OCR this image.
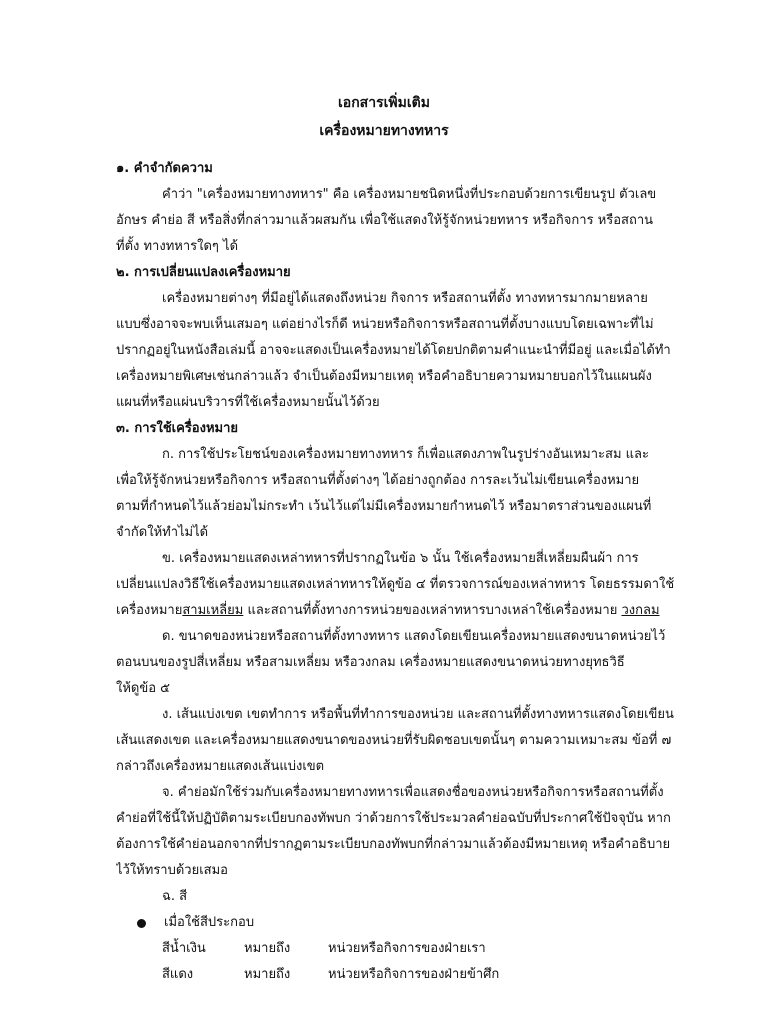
เอกสารเพิ่มเติม
เครื่องหมายทางทหาร
๑. คำจำกัดความ
คำว่า "เครื่องหมายทางทหาร" คือ เครื่องหมายชนิดหนึ่งที่ประกอบด้วยการเขียนรูป ตัวเลข
อักษร คำย่อ สี หรือสิ่งที่กล่าวมาแล้วผสมกัน เพื่อใช้แสดงให้รู้จักหน่วยทหาร หรือกิจการ หรือสถาน
ที่ตั้ง ทางทหารใดๆ ได้
๒. การเปลี่ยนแปลงเครื่องหมาย
เครื่องหมายต่างๆ ที่มีอยู่ได้แสดงถึงหน่วย กิจการ หรือสถานที่ตั้ง ทางทหารมากมายหลาย
แบบซึ่งอาจจะพบเห็นเสมอๆ แต่อย่างไรก็ดี หน่วยหรือกิจการหรือสถานที่ตั้งบางแบบโดยเฉพาะที่ไม่
ปรากฏอยู่ในหนังสือเล่มนี้ อาจจะแสดงเป็นเครื่องหมายได้โดยปกติตามคำแนะนำที่มีอยู่ และเมื่อได้ทำ
เครื่องหมายพิเศษเช่นกล่าวแล้ว จำเป็นต้องมีหมายเหตุ หรือคำอธิบายความหมายบอกไว้ในแผนผัง
แผนที่หรือแผ่นบริวารที่ใช้เครื่องหมายนั้นไว้ด้วย
๓. การใช้เครื่องหมาย
ก. การใช้ประโยชน์ของเครื่องหมายทางทหาร ก็เพื่อแสดงภาพในรูปร่างอันเหมาะสม และ
เพื่อให้รู้จักหน่วยหรือกิจการ หรือสถานที่ตั้งต่างๆ ได้อย่างถูกต้อง การละเว้นไม่เขียนเครื่องหมาย
ตามที่กำหนดไว้แล้วย่อมไม่กระทำ เว้นไว้แต่ไม่มีเครื่องหมายกำหนดไว้ หรือมาตราส่วนของแผนที่
จำกัดให้ทำไม่ได้
ข. เครื่องหมายแสดงเหล่าทหารที่ปรากฏในข้อ ๖ นั้น ใช้เครื่องหมายสี่เหลี่ยมผืนผ้า การ
เปลี่ยนแปลงวิธีใช้เครื่องหมายแสดงเหล่าทหารให้ดูข้อ ๔ ที่ตรวจการณ์ของเหล่าทหาร โดยธรรมดาใช้
เครื่องหมายสามเหลี่ยม และสถานที่ตั้งทางการหน่วยของเหล่าทหารบางเหล่าใช้เครื่องหมาย วงกลม
ด. ขนาดของหน่วยหรือสถานที่ตั้งทางทหาร แสดงโดยเขียนเครื่องหมายแสดงขนาดหน่วยไว้
ตอนบนของรูปสี่เหลี่ยม หรือสามเหลี่ยม หรือวงกลม เครื่องหมายแสดงขนาดหน่วยทางยุทธวิธี
ให้ดูข้อ ๕
ง. เส้นแบ่งเขต เขตทำการ หรือพื้นที่ทำการของหน่วย และสถานที่ตั้งทางทหารแสดงโดยเขียน
เส้นแสดงเขต และเครื่องหมายแสดงขนาดของหน่วยที่รับผิดชอบเขตนั้นๆ ตามความเหมาะสม ข้อที่ ๗
กล่าวถึงเครื่องหมายแสดงเส้นแบ่งเขต
จ. คำย่อมักใช้ร่วมกับเครื่องหมายทางทหารเพื่อแสดงชื่อของหน่วยหรือกิจการหรือสถานที่ตั้ง
คำย่อที่ใช้นี้ให้ปฏิบัติตามระเบียบกองทัพบก ว่าด้วยการใช้ประมวลคำย่อฉบับที่ประกาศใช้ปัจจุบัน หาก
ต้องการใช้คำย่อนอกจากที่ปรากฏตามระเบียบกองทัพบกที่กล่าวมาแล้วต้องมีหมายเหตุ หรือคำอธิบาย
ไว้ให้ทราบด้วยเสมอ
ฉ. สี
เมื่อใช้สีประกอบ
สีน้ำเงิน	หมายถึง	หน่วยหรือกิจการของฝ่ายเรา
สีแดง	หมายถึง	หน่วยหรือกิจการของฝ่ายข้าศึก
